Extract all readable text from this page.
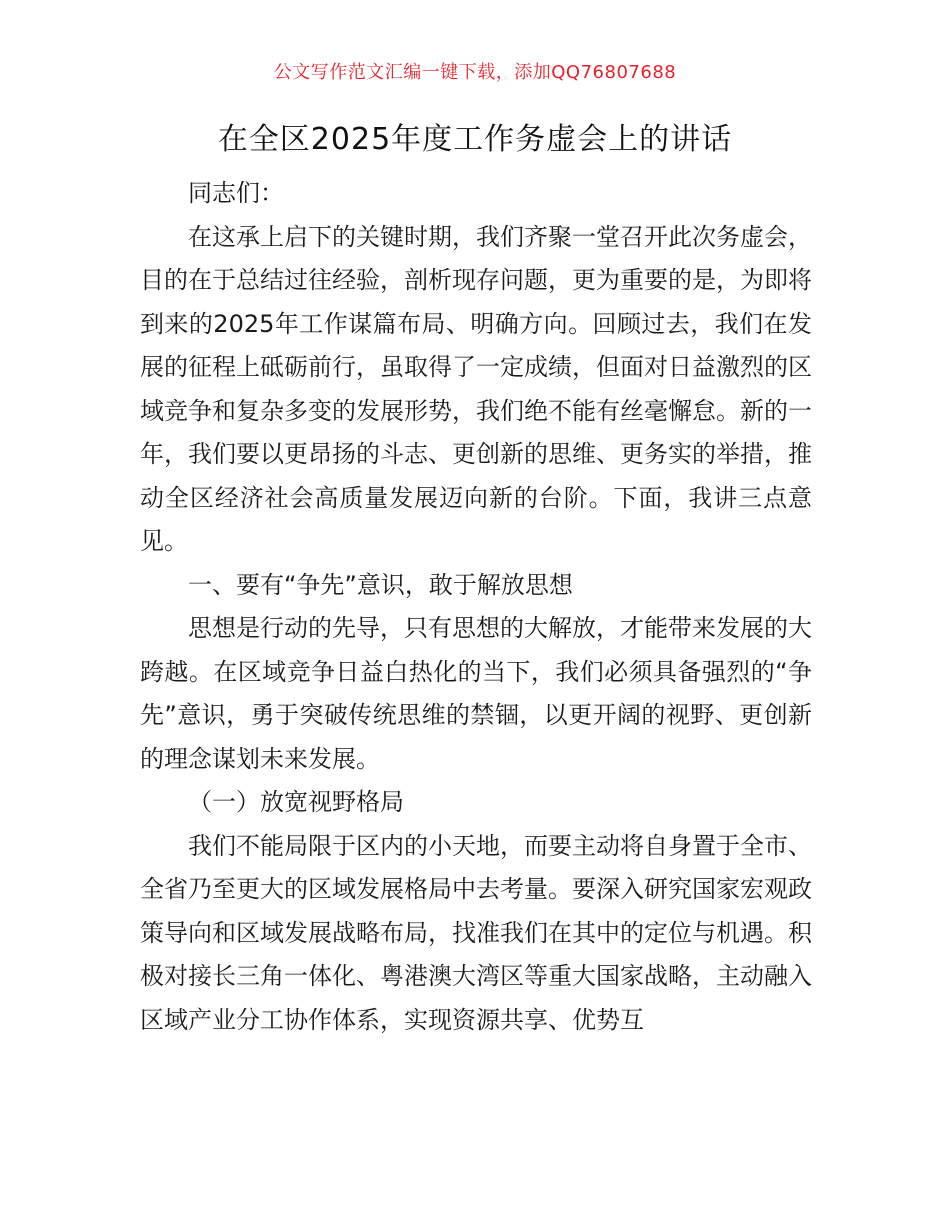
公文写作范文汇编一键下载，添加QQ76807688
在全区2025年度工作务虚会上的讲话

同志们：

在这承上启下的关键时期，我们齐聚一堂召开此次务虚会，目的在于总结过往经验，剖析现存问题，更为重要的是，为即将到来的2025年工作谋篇布局、明确方向。回顾过去，我们在发展的征程上砥砺前行，虽取得了一定成绩，但面对日益激烈的区域竞争和复杂多变的发展形势，我们绝不能有丝毫懈怠。新的一年，我们要以更昂扬的斗志、更创新的思维、更务实的举措，推动全区经济社会高质量发展迈向新的台阶。下面，我讲三点意见。

一、要有“争先”意识，敢于解放思想

思想是行动的先导，只有思想的大解放，才能带来发展的大跨越。在区域竞争日益白热化的当下，我们必须具备强烈的“争先”意识，勇于突破传统思维的禁锢，以更开阔的视野、更创新的理念谋划未来发展。

（一）放宽视野格局

我们不能局限于区内的小天地，而要主动将自身置于全市、全省乃至更大的区域发展格局中去考量。要深入研究国家宏观政策导向和区域发展战略布局，找准我们在其中的定位与机遇。积极对接长三角一体化、粤港澳大湾区等重大国家战略，主动融入区域产业分工协作体系，实现资源共享、优势互
